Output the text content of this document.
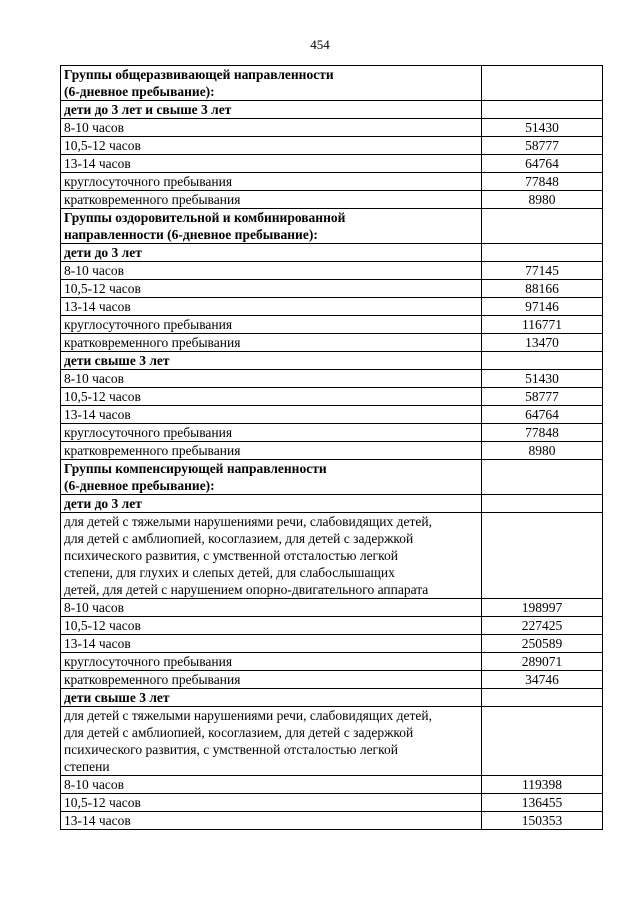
454
Группы общеразвивающей направленности
(6-дневное пребывание):	
дети до 3 лет и свыше 3 лет	
8-10 часов	51430
10,5-12 часов	58777
13-14 часов	64764
круглосуточного пребывания	77848
кратковременного пребывания	8980
Группы оздоровительной и комбинированной
направленности (6-дневное пребывание):	
дети до 3 лет	
8-10 часов	77145
10,5-12 часов	88166
13-14 часов	97146
круглосуточного пребывания	116771
кратковременного пребывания	13470
дети свыше 3 лет	
8-10 часов	51430
10,5-12 часов	58777
13-14 часов	64764
круглосуточного пребывания	77848
кратковременного пребывания	8980
Группы компенсирующей направленности
(6-дневное пребывание):	
дети до 3 лет	
для детей с тяжелыми нарушениями речи, слабовидящих детей,
для детей с амблиопией, косоглазием, для детей с задержкой
психического развития, с умственной отсталостью легкой
степени, для глухих и слепых детей, для слабослышащих
детей, для детей с нарушением опорно-двигательного аппарата	
8-10 часов	198997
10,5-12 часов	227425
13-14 часов	250589
круглосуточного пребывания	289071
кратковременного пребывания	34746
дети свыше 3 лет	
для детей с тяжелыми нарушениями речи, слабовидящих детей,
для детей с амблиопией, косоглазием, для детей с задержкой
психического развития, с умственной отсталостью легкой
степени	
8-10 часов	119398
10,5-12 часов	136455
13-14 часов	150353
